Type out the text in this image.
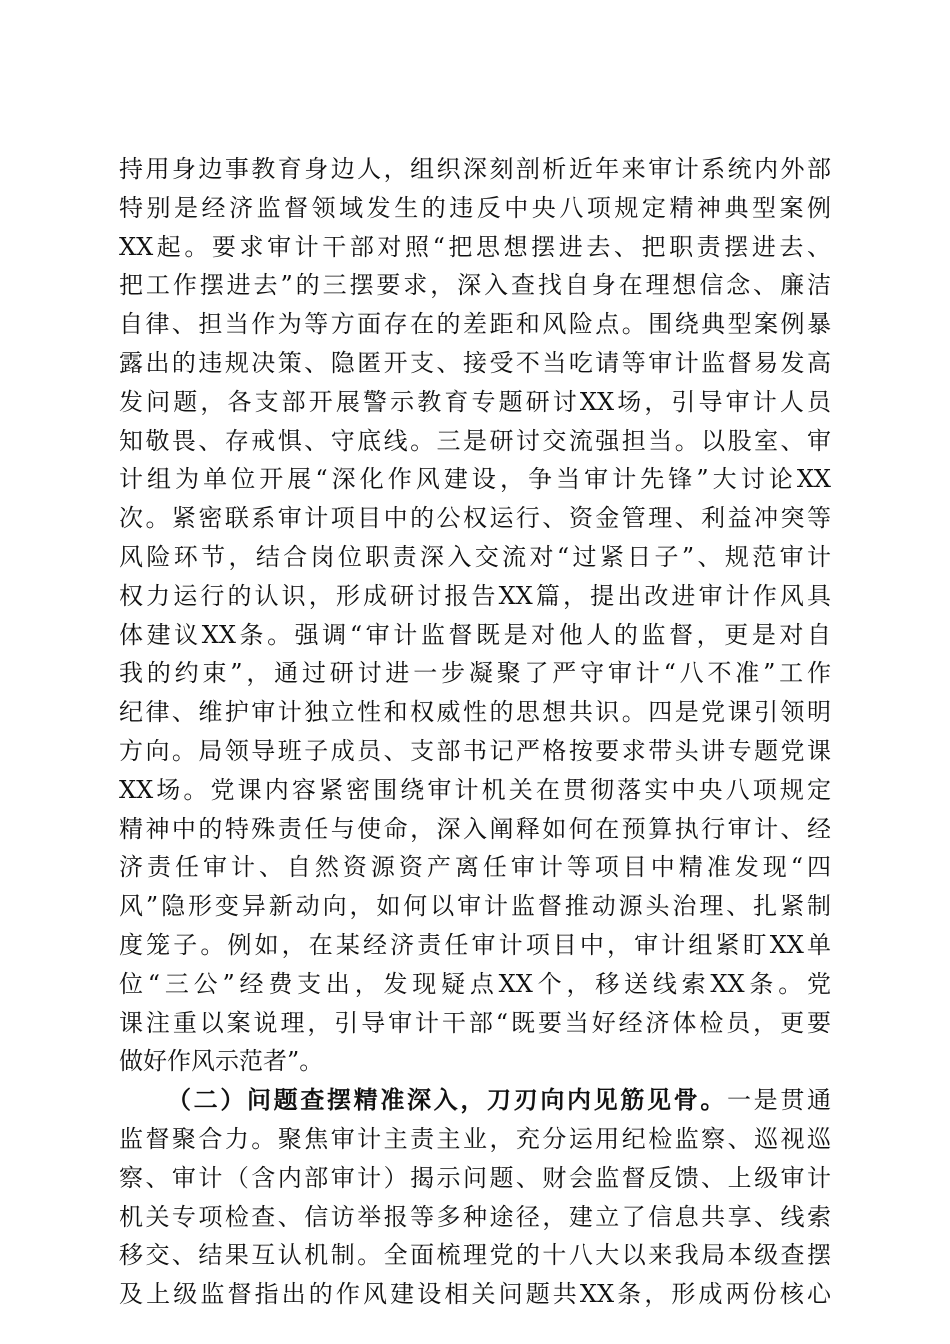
持用身边事教育身边人，组织深刻剖析近年来审计系统内外部
特别是经济监督领域发生的违反中央八项规定精神典型案例
XX起。要求审计干部对照“把思想摆进去、把职责摆进去、
把工作摆进去”的三摆要求，深入查找自身在理想信念、廉洁
自律、担当作为等方面存在的差距和风险点。围绕典型案例暴
露出的违规决策、隐匿开支、接受不当吃请等审计监督易发高
发问题，各支部开展警示教育专题研讨XX场，引导审计人员
知敬畏、存戒惧、守底线。三是研讨交流强担当。以股室、审
计组为单位开展“深化作风建设，争当审计先锋”大讨论XX
次。紧密联系审计项目中的公权运行、资金管理、利益冲突等
风险环节，结合岗位职责深入交流对“过紧日子”、规范审计
权力运行的认识，形成研讨报告XX篇，提出改进审计作风具
体建议XX条。强调“审计监督既是对他人的监督，更是对自
我的约束”，通过研讨进一步凝聚了严守审计“八不准”工作
纪律、维护审计独立性和权威性的思想共识。四是党课引领明
方向。局领导班子成员、支部书记严格按要求带头讲专题党课
XX场。党课内容紧密围绕审计机关在贯彻落实中央八项规定
精神中的特殊责任与使命，深入阐释如何在预算执行审计、经
济责任审计、自然资源资产离任审计等项目中精准发现“四
风”隐形变异新动向，如何以审计监督推动源头治理、扎紧制
度笼子。例如，在某经济责任审计项目中，审计组紧盯XX单
位“三公”经费支出，发现疑点XX个，移送线索XX条。党
课注重以案说理，引导审计干部“既要当好经济体检员，更要
做好作风示范者”。
（二）问题查摆精准深入，刀刃向内见筋见骨。一是贯通
监督聚合力。聚焦审计主责主业，充分运用纪检监察、巡视巡
察、审计（含内部审计）揭示问题、财会监督反馈、上级审计
机关专项检查、信访举报等多种途径，建立了信息共享、线索
移交、结果互认机制。全面梳理党的十八大以来我局本级查摆
及上级监督指出的作风建设相关问题共XX条，形成两份核心
